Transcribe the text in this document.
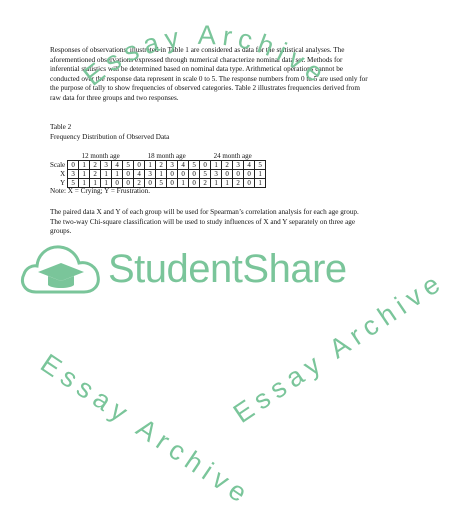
Responses of observations, illustrated in Table 1 are considered as data for the statistical analyses. The aforementioned observations expressed through numerical characterize nominal data set. Methods for inferential statistics will be determined based on nominal data type. Arithmetical operations cannot be conducted over the response data represent in scale 0 to 5. The response numbers from 0 to 5 are used only for the purpose of tally to show frequencies of observed categories. Table 2 illustrates frequencies derived from raw data for three groups and two responses.

Table 2

Frequency Distribution of Observed Data

	12 month age						18 month age						24 month age					
Scale	0	1	2	3	4	5	0	1	2	3	4	5	0	1	2	3	4	5
X	3	1	2	1	1	0	4	3	1	0	0	0	5	3	0	0	0	1
Y	5	1	1	1	0	0	2	0	5	0	1	0	2	1	1	2	0	1

Note: X = Crying; Y = Frustration.

The paired data X and Y of each group will be used for Spearman’s correlation analysis for each age group. The two-way Chi-square classification will be used to study influences of X and Y separately on three age groups.

Essay Archive
StudentShare
Essay Archive
Essay Archive
